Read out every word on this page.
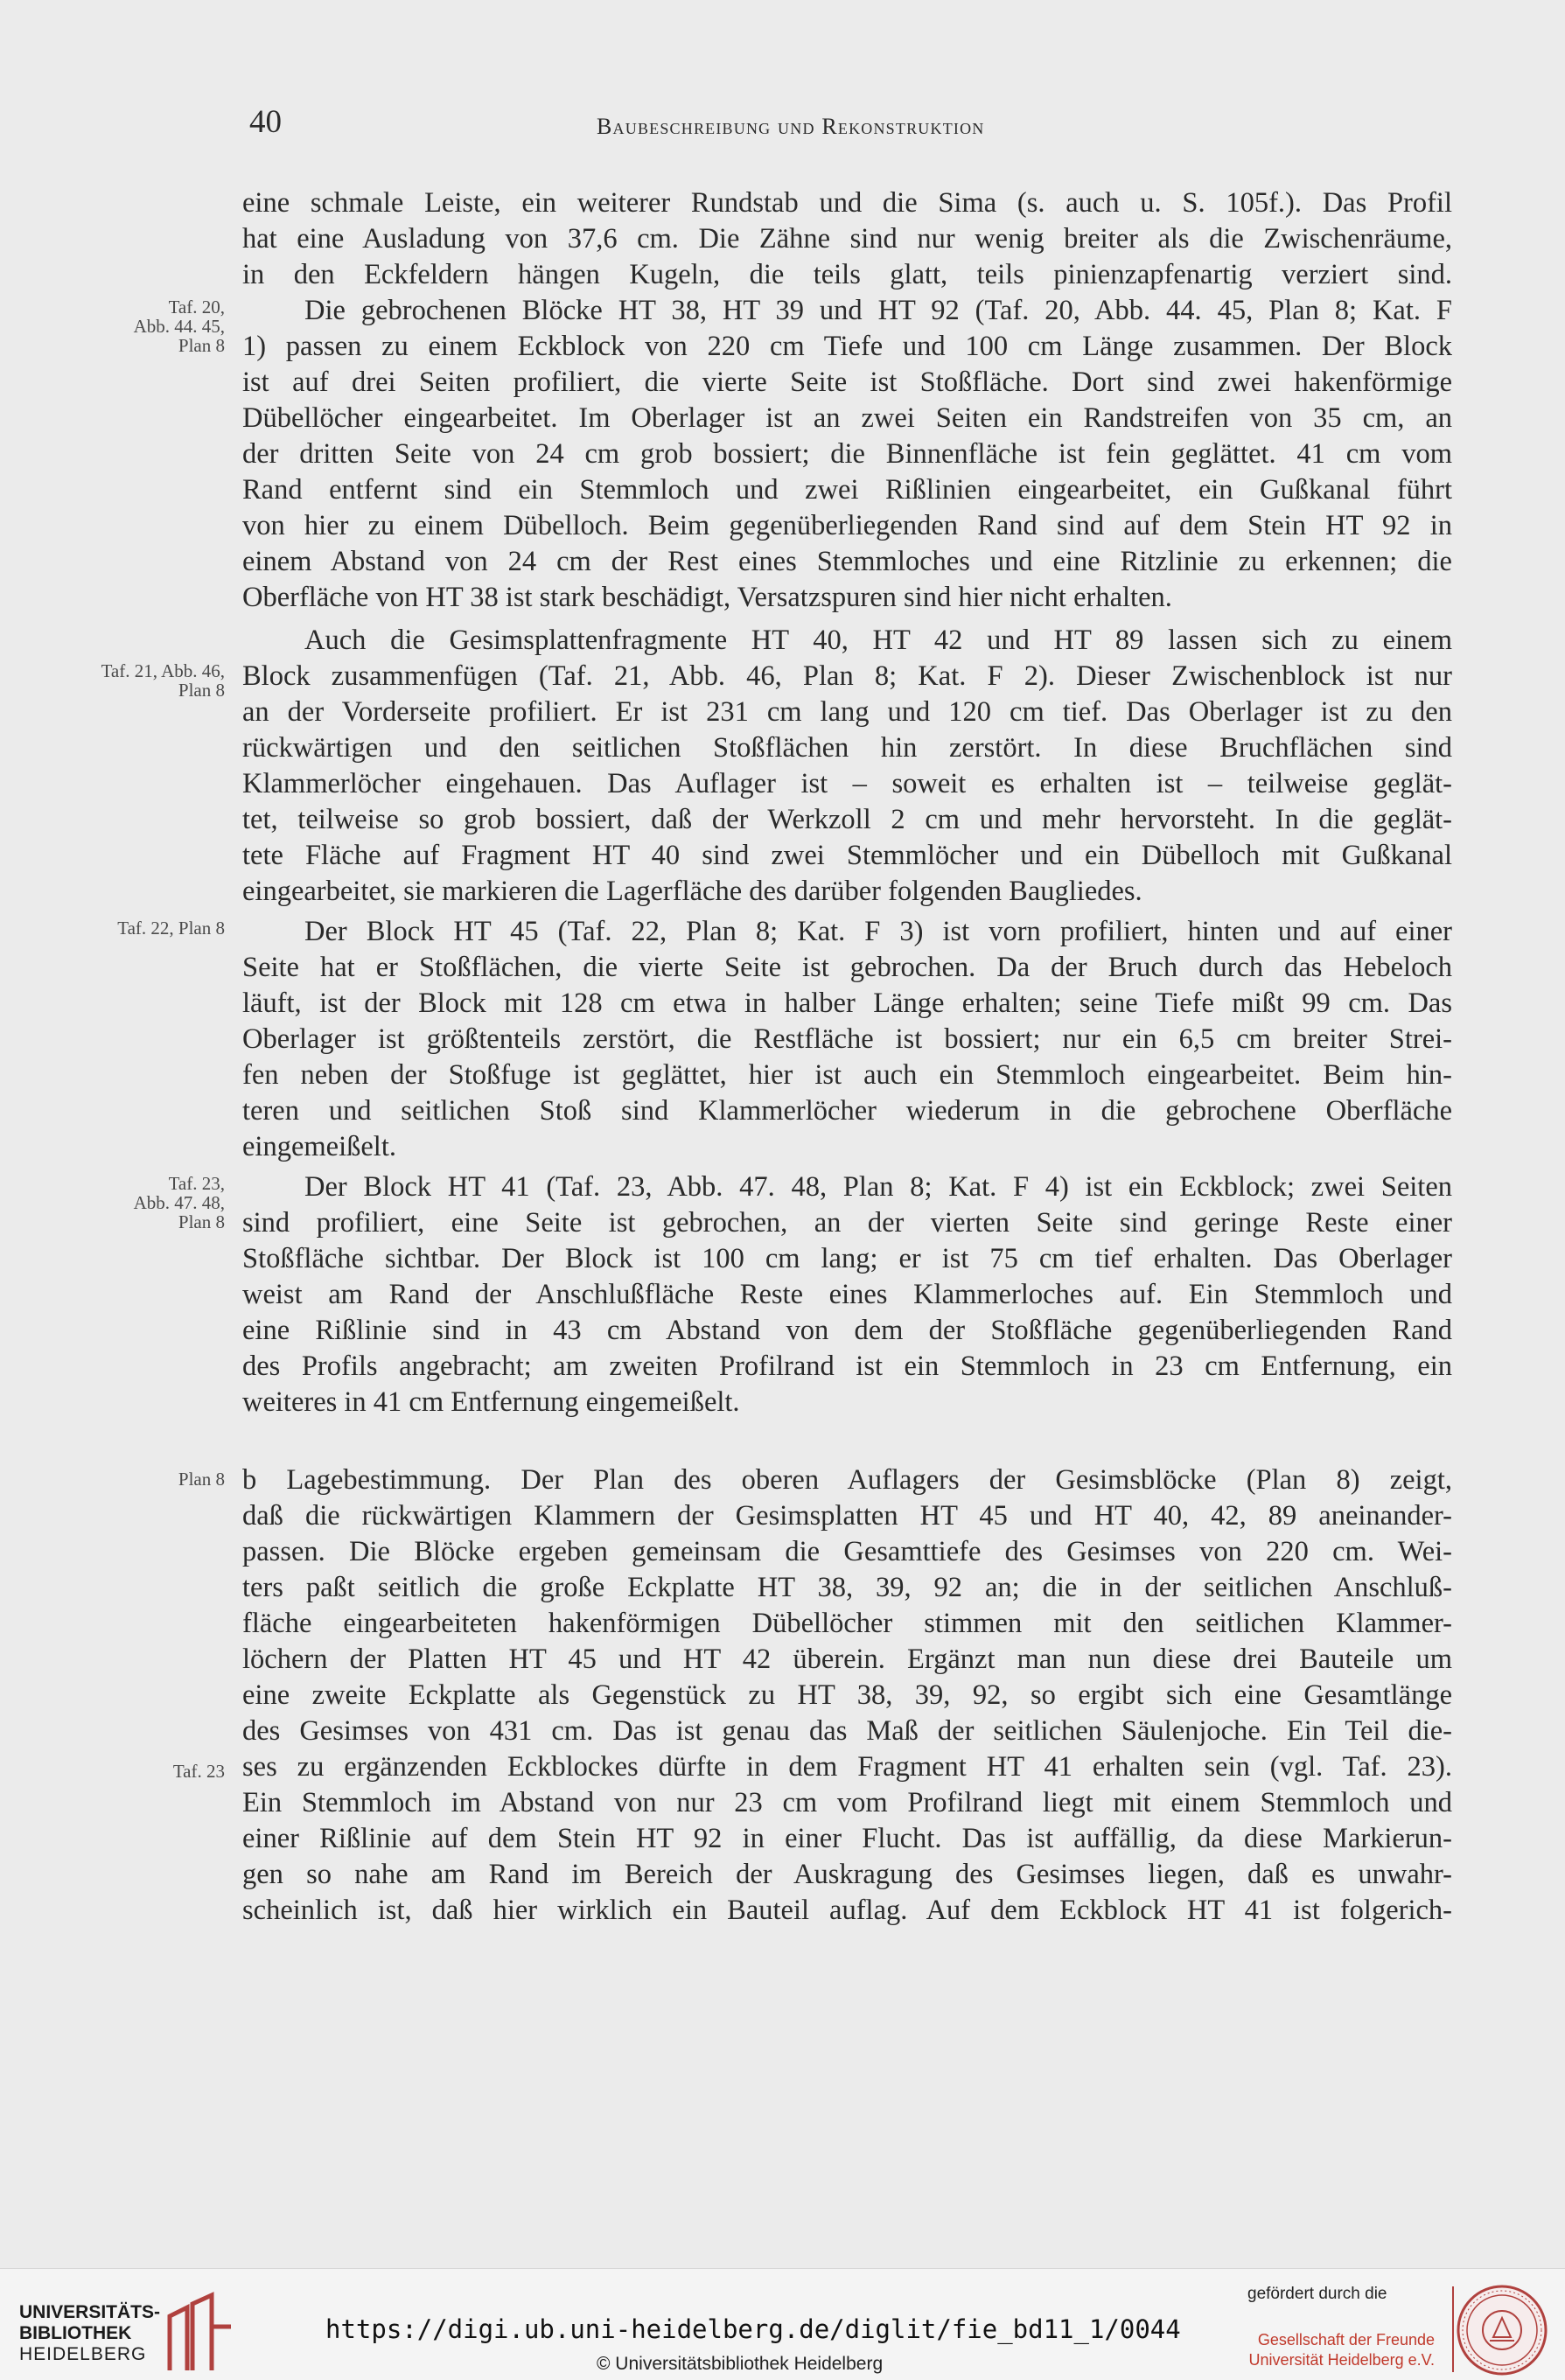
40	Baubeschreibung und Rekonstruktion
Taf. 20,
Abb. 44. 45,
Plan 8
Taf. 21, Abb. 46,
Plan 8
Taf. 22, Plan 8
Taf. 23,
Abb. 47. 48,
Plan 8
Plan 8
Taf. 23
eine schmale Leiste, ein weiterer Rundstab und die Sima (s. auch u. S. 105f.). Das Profil
hat eine Ausladung von 37,6 cm. Die Zähne sind nur wenig breiter als die Zwischenräume,
in den Eckfeldern hängen Kugeln, die teils glatt, teils pinienzapfenartig verziert sind.
Die gebrochenen Blöcke HT 38, HT 39 und HT 92 (Taf. 20, Abb. 44. 45, Plan 8; Kat. F
1) passen zu einem Eckblock von 220 cm Tiefe und 100 cm Länge zusammen. Der Block
ist auf drei Seiten profiliert, die vierte Seite ist Stoßfläche. Dort sind zwei hakenförmige
Dübellöcher eingearbeitet. Im Oberlager ist an zwei Seiten ein Randstreifen von 35 cm, an
der dritten Seite von 24 cm grob bossiert; die Binnenfläche ist fein geglättet. 41 cm vom
Rand entfernt sind ein Stemmloch und zwei Rißlinien eingearbeitet, ein Gußkanal führt
von hier zu einem Dübelloch. Beim gegenüberliegenden Rand sind auf dem Stein HT 92 in
einem Abstand von 24 cm der Rest eines Stemmloches und eine Ritzlinie zu erkennen; die
Oberfläche von HT 38 ist stark beschädigt, Versatzspuren sind hier nicht erhalten.
Auch die Gesimsplattenfragmente HT 40, HT 42 und HT 89 lassen sich zu einem
Block zusammenfügen (Taf. 21, Abb. 46, Plan 8; Kat. F 2). Dieser Zwischenblock ist nur
an der Vorderseite profiliert. Er ist 231 cm lang und 120 cm tief. Das Oberlager ist zu den
rückwärtigen und den seitlichen Stoßflächen hin zerstört. In diese Bruchflächen sind
Klammerlöcher eingehauen. Das Auflager ist – soweit es erhalten ist – teilweise geglät-
tet, teilweise so grob bossiert, daß der Werkzoll 2 cm und mehr hervorsteht. In die geglät-
tete Fläche auf Fragment HT 40 sind zwei Stemmlöcher und ein Dübelloch mit Gußkanal
eingearbeitet, sie markieren die Lagerfläche des darüber folgenden Baugliedes.
Der Block HT 45 (Taf. 22, Plan 8; Kat. F 3) ist vorn profiliert, hinten und auf einer
Seite hat er Stoßflächen, die vierte Seite ist gebrochen. Da der Bruch durch das Hebeloch
läuft, ist der Block mit 128 cm etwa in halber Länge erhalten; seine Tiefe mißt 99 cm. Das
Oberlager ist größtenteils zerstört, die Restfläche ist bossiert; nur ein 6,5 cm breiter Strei-
fen neben der Stoßfuge ist geglättet, hier ist auch ein Stemmloch eingearbeitet. Beim hin-
teren und seitlichen Stoß sind Klammerlöcher wiederum in die gebrochene Oberfläche
eingemeißelt.
Der Block HT 41 (Taf. 23, Abb. 47. 48, Plan 8; Kat. F 4) ist ein Eckblock; zwei Seiten
sind profiliert, eine Seite ist gebrochen, an der vierten Seite sind geringe Reste einer
Stoßfläche sichtbar. Der Block ist 100 cm lang; er ist 75 cm tief erhalten. Das Oberlager
weist am Rand der Anschlußfläche Reste eines Klammerloches auf. Ein Stemmloch und
eine Rißlinie sind in 43 cm Abstand von dem der Stoßfläche gegenüberliegenden Rand
des Profils angebracht; am zweiten Profilrand ist ein Stemmloch in 23 cm Entfernung, ein
weiteres in 41 cm Entfernung eingemeißelt.
b Lagebestimmung. Der Plan des oberen Auflagers der Gesimsblöcke (Plan 8) zeigt,
daß die rückwärtigen Klammern der Gesimsplatten HT 45 und HT 40, 42, 89 aneinander-
passen. Die Blöcke ergeben gemeinsam die Gesamttiefe des Gesimses von 220 cm. Wei-
ters paßt seitlich die große Eckplatte HT 38, 39, 92 an; die in der seitlichen Anschluß-
fläche eingearbeiteten hakenförmigen Dübellöcher stimmen mit den seitlichen Klammer-
löchern der Platten HT 45 und HT 42 überein. Ergänzt man nun diese drei Bauteile um
eine zweite Eckplatte als Gegenstück zu HT 38, 39, 92, so ergibt sich eine Gesamtlänge
des Gesimses von 431 cm. Das ist genau das Maß der seitlichen Säulenjoche. Ein Teil die-
ses zu ergänzenden Eckblockes dürfte in dem Fragment HT 41 erhalten sein (vgl. Taf. 23).
Ein Stemmloch im Abstand von nur 23 cm vom Profilrand liegt mit einem Stemmloch und
einer Rißlinie auf dem Stein HT 92 in einer Flucht. Das ist auffällig, da diese Markierun-
gen so nahe am Rand im Bereich der Auskragung des Gesimses liegen, daß es unwahr-
scheinlich ist, daß hier wirklich ein Bauteil auflag. Auf dem Eckblock HT 41 ist folgerich-
UNIVERSITÄTS-
BIBLIOTHEK
HEIDELBERG
https://digi.ub.uni-heidelberg.de/diglit/fie_bd11_1/0044
© Universitätsbibliothek Heidelberg
gefördert durch die
Gesellschaft der Freunde
Universität Heidelberg e.V.
